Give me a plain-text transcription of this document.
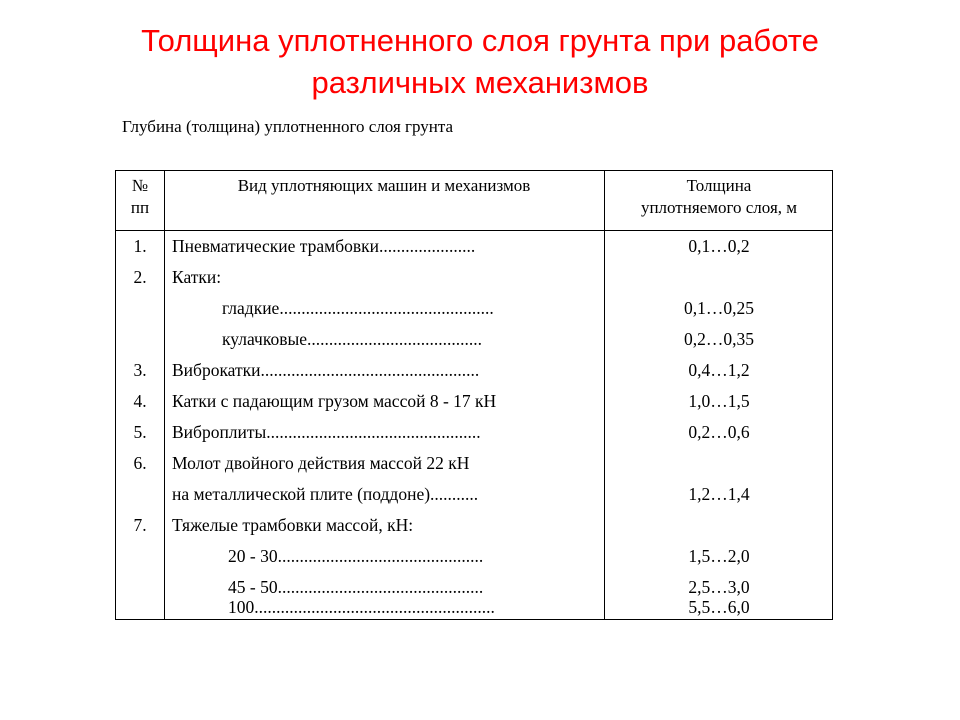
Толщина уплотненного слоя грунта при работе
различных механизмов
Глубина (толщина) уплотненного слоя грунта
№
пп
Вид уплотняющих машин и механизмов	Толщина
уплотняемого слоя, м
1.	Пневматические трамбовки......................	0,1…0,2
2.	Катки:
гладкие.................................................	0,1…0,25
кулачковые........................................	0,2…0,35
3.	Виброкатки..................................................	0,4…1,2
4.	Катки с падающим грузом массой 8 - 17 кН	1,0…1,5
5.	Виброплиты.................................................	0,2…0,6
6.	Молот двойного действия массой 22 кН
на металлической плите (поддоне)...........	1,2…1,4
7.	Тяжелые трамбовки массой, кН:
20 - 30...............................................	1,5…2,0
45 - 50...............................................	2,5…3,0
100.......................................................	5,5…6,0
